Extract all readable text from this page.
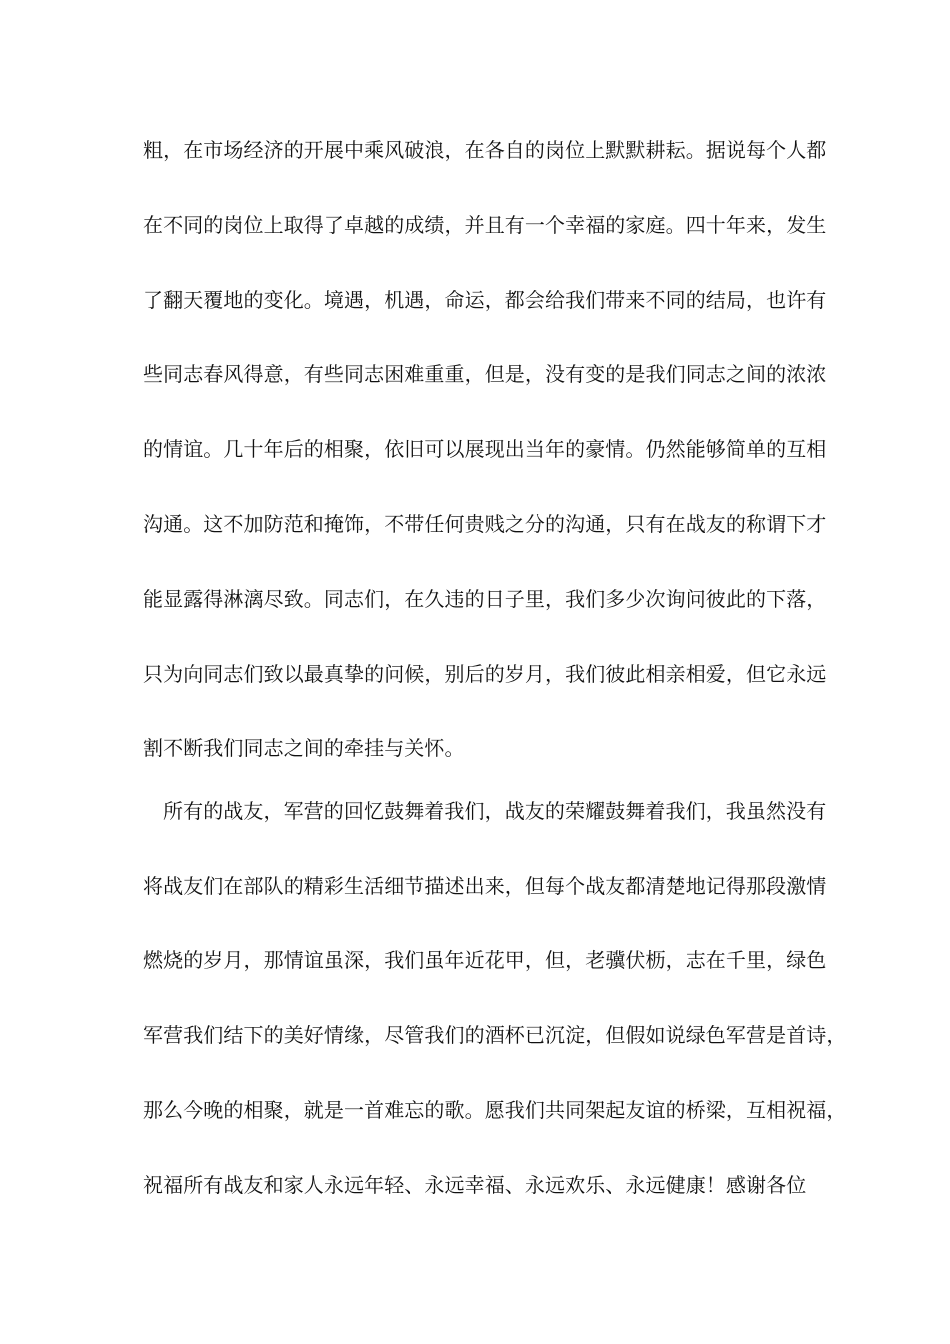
粗，在市场经济的开展中乘风破浪，在各自的岗位上默默耕耘。据说每个人都
在不同的岗位上取得了卓越的成绩，并且有一个幸福的家庭。四十年来，发生
了翻天覆地的变化。境遇，机遇，命运，都会给我们带来不同的结局，也许有
些同志春风得意，有些同志困难重重，但是，没有变的是我们同志之间的浓浓
的情谊。几十年后的相聚，依旧可以展现出当年的豪情。仍然能够简单的互相
沟通。这不加防范和掩饰，不带任何贵贱之分的沟通，只有在战友的称谓下才
能显露得淋漓尽致。同志们，在久违的日子里，我们多少次询问彼此的下落，
只为向同志们致以最真挚的问候，别后的岁月，我们彼此相亲相爱，但它永远
割不断我们同志之间的牵挂与关怀。
所有的战友，军营的回忆鼓舞着我们，战友的荣耀鼓舞着我们，我虽然没有
将战友们在部队的精彩生活细节描述出来，但每个战友都清楚地记得那段激情
燃烧的岁月，那情谊虽深，我们虽年近花甲，但，老骥伏枥，志在千里，绿色
军营我们结下的美好情缘，尽管我们的酒杯已沉淀，但假如说绿色军营是首诗，
那么今晚的相聚，就是一首难忘的歌。愿我们共同架起友谊的桥梁，互相祝福，
祝福所有战友和家人永远年轻、永远幸福、永远欢乐、永远健康！感谢各位
